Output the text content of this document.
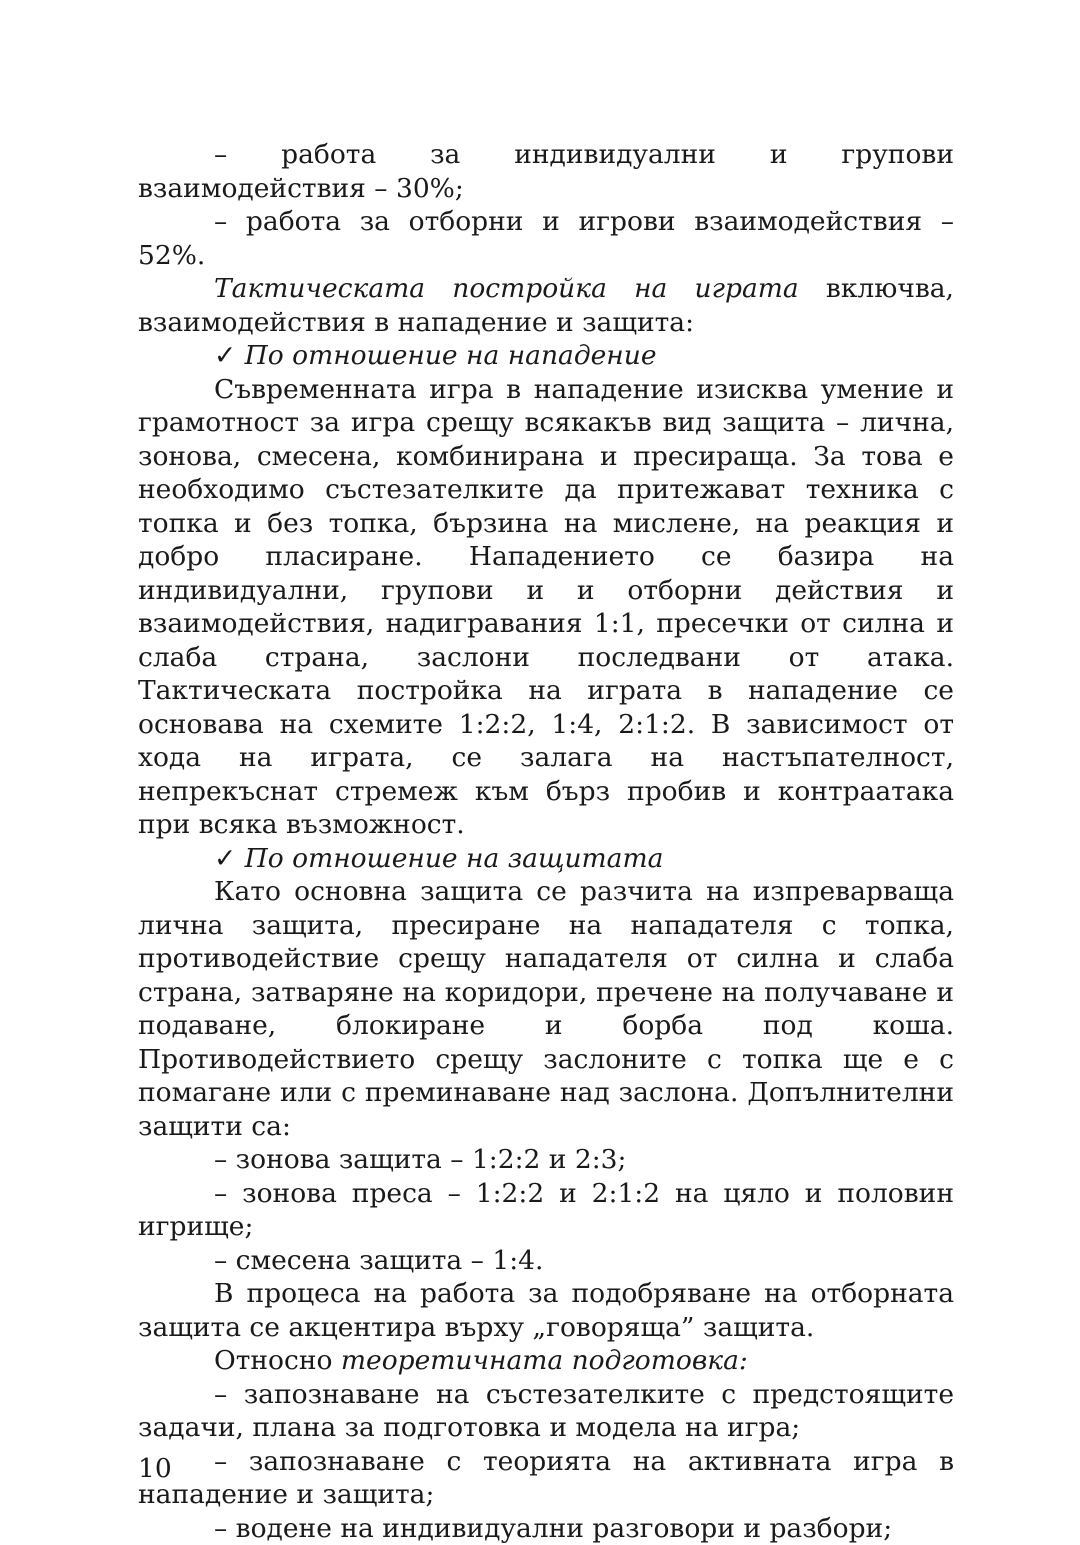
– работа за индивидуални и групови взаимодействия – 30%;

– работа за отборни и игрови взаимодействия – 52%.

Тактическата постройка на играта включва, взаимодействия в нападение и защита:

✓ По отношение на нападение

Съвременната игра в нападение изисква умение и грамотност за игра срещу всякакъв вид защита – лична, зонова, смесена, комбинирана и пресираща. За това е необходимо състезателките да притежават техника с топка и без топка, бързина на мислене, на реакция и добро пласиране. Нападението се базира на индивидуални, групови и и отборни действия и взаимодействия, надигравания 1:1, пресечки от силна и слаба страна, заслони последвани от атака. Тактическата постройка на играта в нападение се основава на схемите 1:2:2, 1:4, 2:1:2. В зависимост от хода на играта, се залага на настъпателност, непрекъснат стремеж към бърз пробив и контраатака при всяка възможност.

✓ По отношение на защитата

Като основна защита се разчита на изпреварваща лична защита, пресиране на нападателя с топка, противодействие срещу нападателя от силна и слаба страна, затваряне на коридори, пречене на получаване и подаване, блокиране и борба под коша. Противодействието срещу заслоните с топка ще е с помагане или с преминаване над заслона. Допълнителни защити са:

– зонова защита – 1:2:2 и 2:3;

– зонова преса – 1:2:2 и 2:1:2 на цяло и половин игрище;

– смесена защита – 1:4.

В процеса на работа за подобряване на отборната защита се акцентира върху „говоряща” защита.

Относно теоретичната подготовка:

– запознаване на състезателките с предстоящите задачи, плана за подготовка и модела на игра;

– запознаване с теорията на активната игра в нападение и защита;

– водене на индивидуални разговори и разбори;

10
